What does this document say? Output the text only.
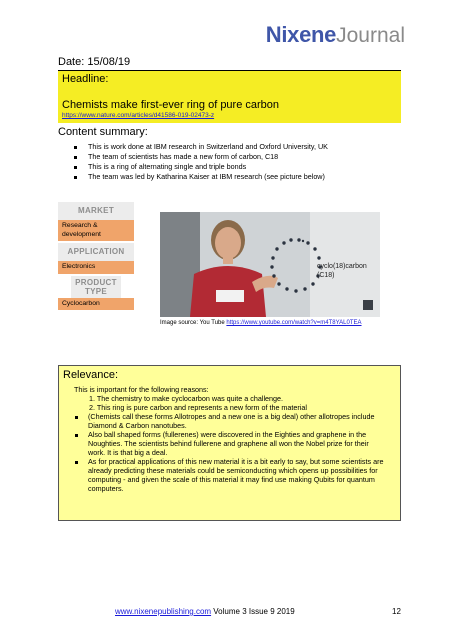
NixeneJournal
Date: 15/08/19
Headline:
Chemists make first-ever ring of pure carbon
https://www.nature.com/articles/d41586-019-02473-z
Content summary:
This is work done at IBM research in Switzerland and Oxford University, UK
The team of scientists has made a new form of carbon, C18
This is a ring of alternating single and triple bonds
The team was led by Katharina Kaiser at IBM research (see picture below)
MARKET
Research & development
APPLICATION
Electronics
PRODUCT TYPE
Cyclocarbon
cyclo(18)carbon
(C18)
Image source: You Tube https://www.youtube.com/watch?v=m4T8YAL0TEA
Relevance:
This is important for the following reasons:
1. The chemistry to make cyclocarbon was quite a challenge.
2. This ring is pure carbon and represents a new form of the material
(Chemists call these forms Allotropes and a new one is a big deal) other allotropes include Diamond & Carbon nanotubes.
Also ball shaped forms (fullerenes) were discovered in the Eighties and graphene in the Noughties. The scientists behind fullerene and graphene all won the Nobel prize for their work. It is that big a deal.
As for practical applications of this new material it is a bit early to say, but some scientists are already predicting these materials could be semiconducting which opens up possibilities for computing - and given the scale of this material it may find use making Qubits for quantum computers.
www.nixenepublishing.com Volume 3 Issue 9 2019	12
